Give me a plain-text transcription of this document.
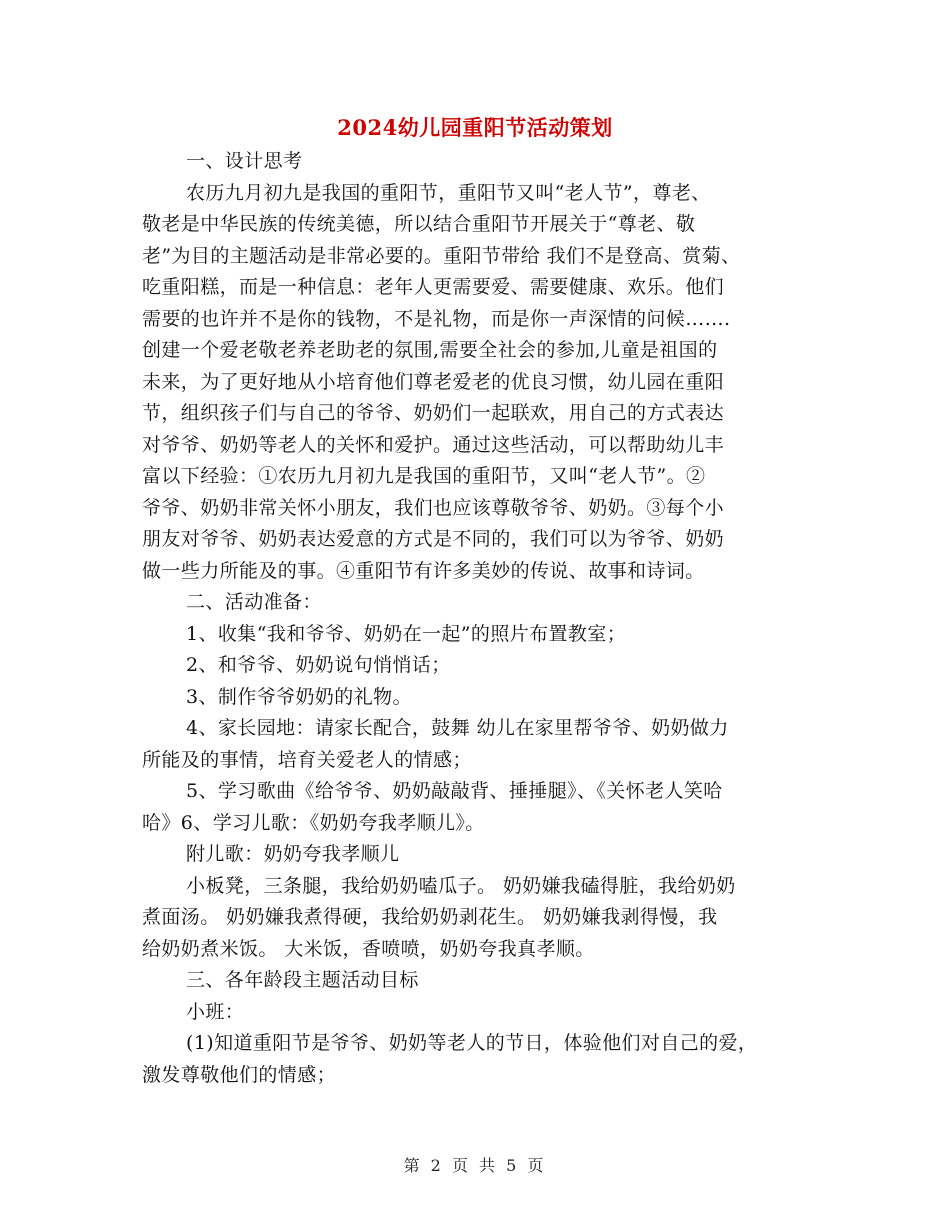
2024幼儿园重阳节活动策划
一、设计思考
农历九月初九是我国的重阳节，重阳节又叫“老人节”，尊老、
敬老是中华民族的传统美德，所以结合重阳节开展关于“尊老、敬
老”为目的主题活动是非常必要的。重阳节带给 我们不是登高、赏菊、
吃重阳糕，而是一种信息：老年人更需要爱、需要健康、欢乐。他们
需要的也许并不是你的钱物，不是礼物，而是你一声深情的问候…….
创建一个爱老敬老养老助老的氛围,需要全社会的参加,儿童是祖国的
未来，为了更好地从小培育他们尊老爱老的优良习惯，幼儿园在重阳
节，组织孩子们与自己的爷爷、奶奶们一起联欢，用自己的方式表达
对爷爷、奶奶等老人的关怀和爱护。通过这些活动，可以帮助幼儿丰
富以下经验：①农历九月初九是我国的重阳节，又叫“老人节”。②
爷爷、奶奶非常关怀小朋友，我们也应该尊敬爷爷、奶奶。③每个小
朋友对爷爷、奶奶表达爱意的方式是不同的，我们可以为爷爷、奶奶
做一些力所能及的事。④重阳节有许多美妙的传说、故事和诗词。
二、活动准备：
1、收集“我和爷爷、奶奶在一起”的照片布置教室；
2、和爷爷、奶奶说句悄悄话；
3、制作爷爷奶奶的礼物。
4、家长园地：请家长配合，鼓舞 幼儿在家里帮爷爷、奶奶做力
所能及的事情，培育关爱老人的情感；
5、学习歌曲《给爷爷、奶奶敲敲背、捶捶腿》、《关怀老人笑哈
哈》6、学习儿歌：《奶奶夸我孝顺儿》。
附儿歌：奶奶夸我孝顺儿
小板凳，三条腿，我给奶奶嗑瓜子。 奶奶嫌我磕得脏，我给奶奶
煮面汤。 奶奶嫌我煮得硬，我给奶奶剥花生。 奶奶嫌我剥得慢，我
给奶奶煮米饭。 大米饭，香喷喷，奶奶夸我真孝顺。
三、各年龄段主题活动目标
小班：
(1)知道重阳节是爷爷、奶奶等老人的节日，体验他们对自己的爱，
激发尊敬他们的情感；
第 2 页 共 5 页
